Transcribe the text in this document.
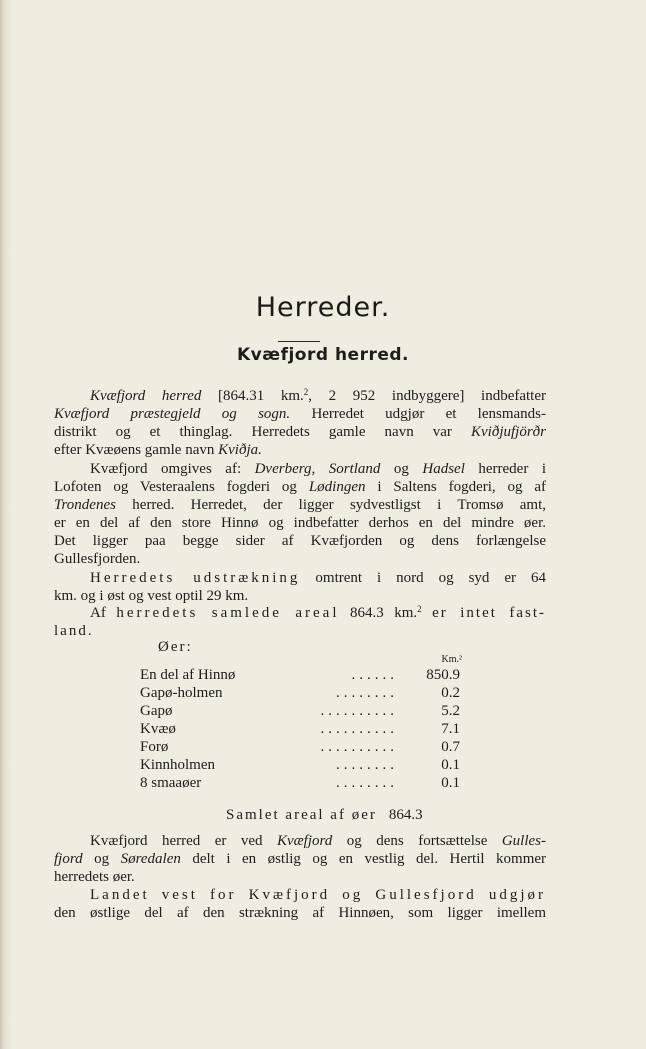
Herreder.
Kvæfjord herred.
Kvæfjord herred [864.31 km.$^2$, 2 952 indbyggere] indbefatter
Kvæfjord præstegjeld og sogn. Herredet udgjør et lensmands-
distrikt og et thinglag. Herredets gamle navn var Kviðjufjörðr
efter Kvæøens gamle navn Kviðja.
Kvæfjord omgives af: Dverberg, Sortland og Hadsel herreder i
Lofoten og Vesteraalens fogderi og Lødingen i Saltens fogderi, og af
Trondenes herred. Herredet, der ligger sydvestligst i Tromsø amt,
er en del af den store Hinnø og indbefatter derhos en del mindre øer.
Det ligger paa begge sider af Kvæfjorden og dens forlængelse
Gullesfjorden.
Herredets udstrækning omtrent i nord og syd er 64
km. og i øst og vest optil 29 km.
Af herredets samlede areal 864.3 km.$^2$ er intet fast-
land.
Øer:
Km.²
En del af Hinnø	...... 850.9
Gapø-holmen	........	0.2
Gapø	..........	5.2
Kvæø	..........	7.1
Forø	..........	0.7
Kinnholmen	........	0.1
8 smaaøer	........	0.1
Samlet areal af øer 864.3
Kvæfjord herred er ved Kvæfjord og dens fortsættelse Gulles-
fjord og Søredalen delt i en østlig og en vestlig del. Hertil kommer
herredets øer.
Landet vest for Kvæfjord og Gullesfjord udgjør
den østlige del af den strækning af Hinnøen, som ligger imellem
